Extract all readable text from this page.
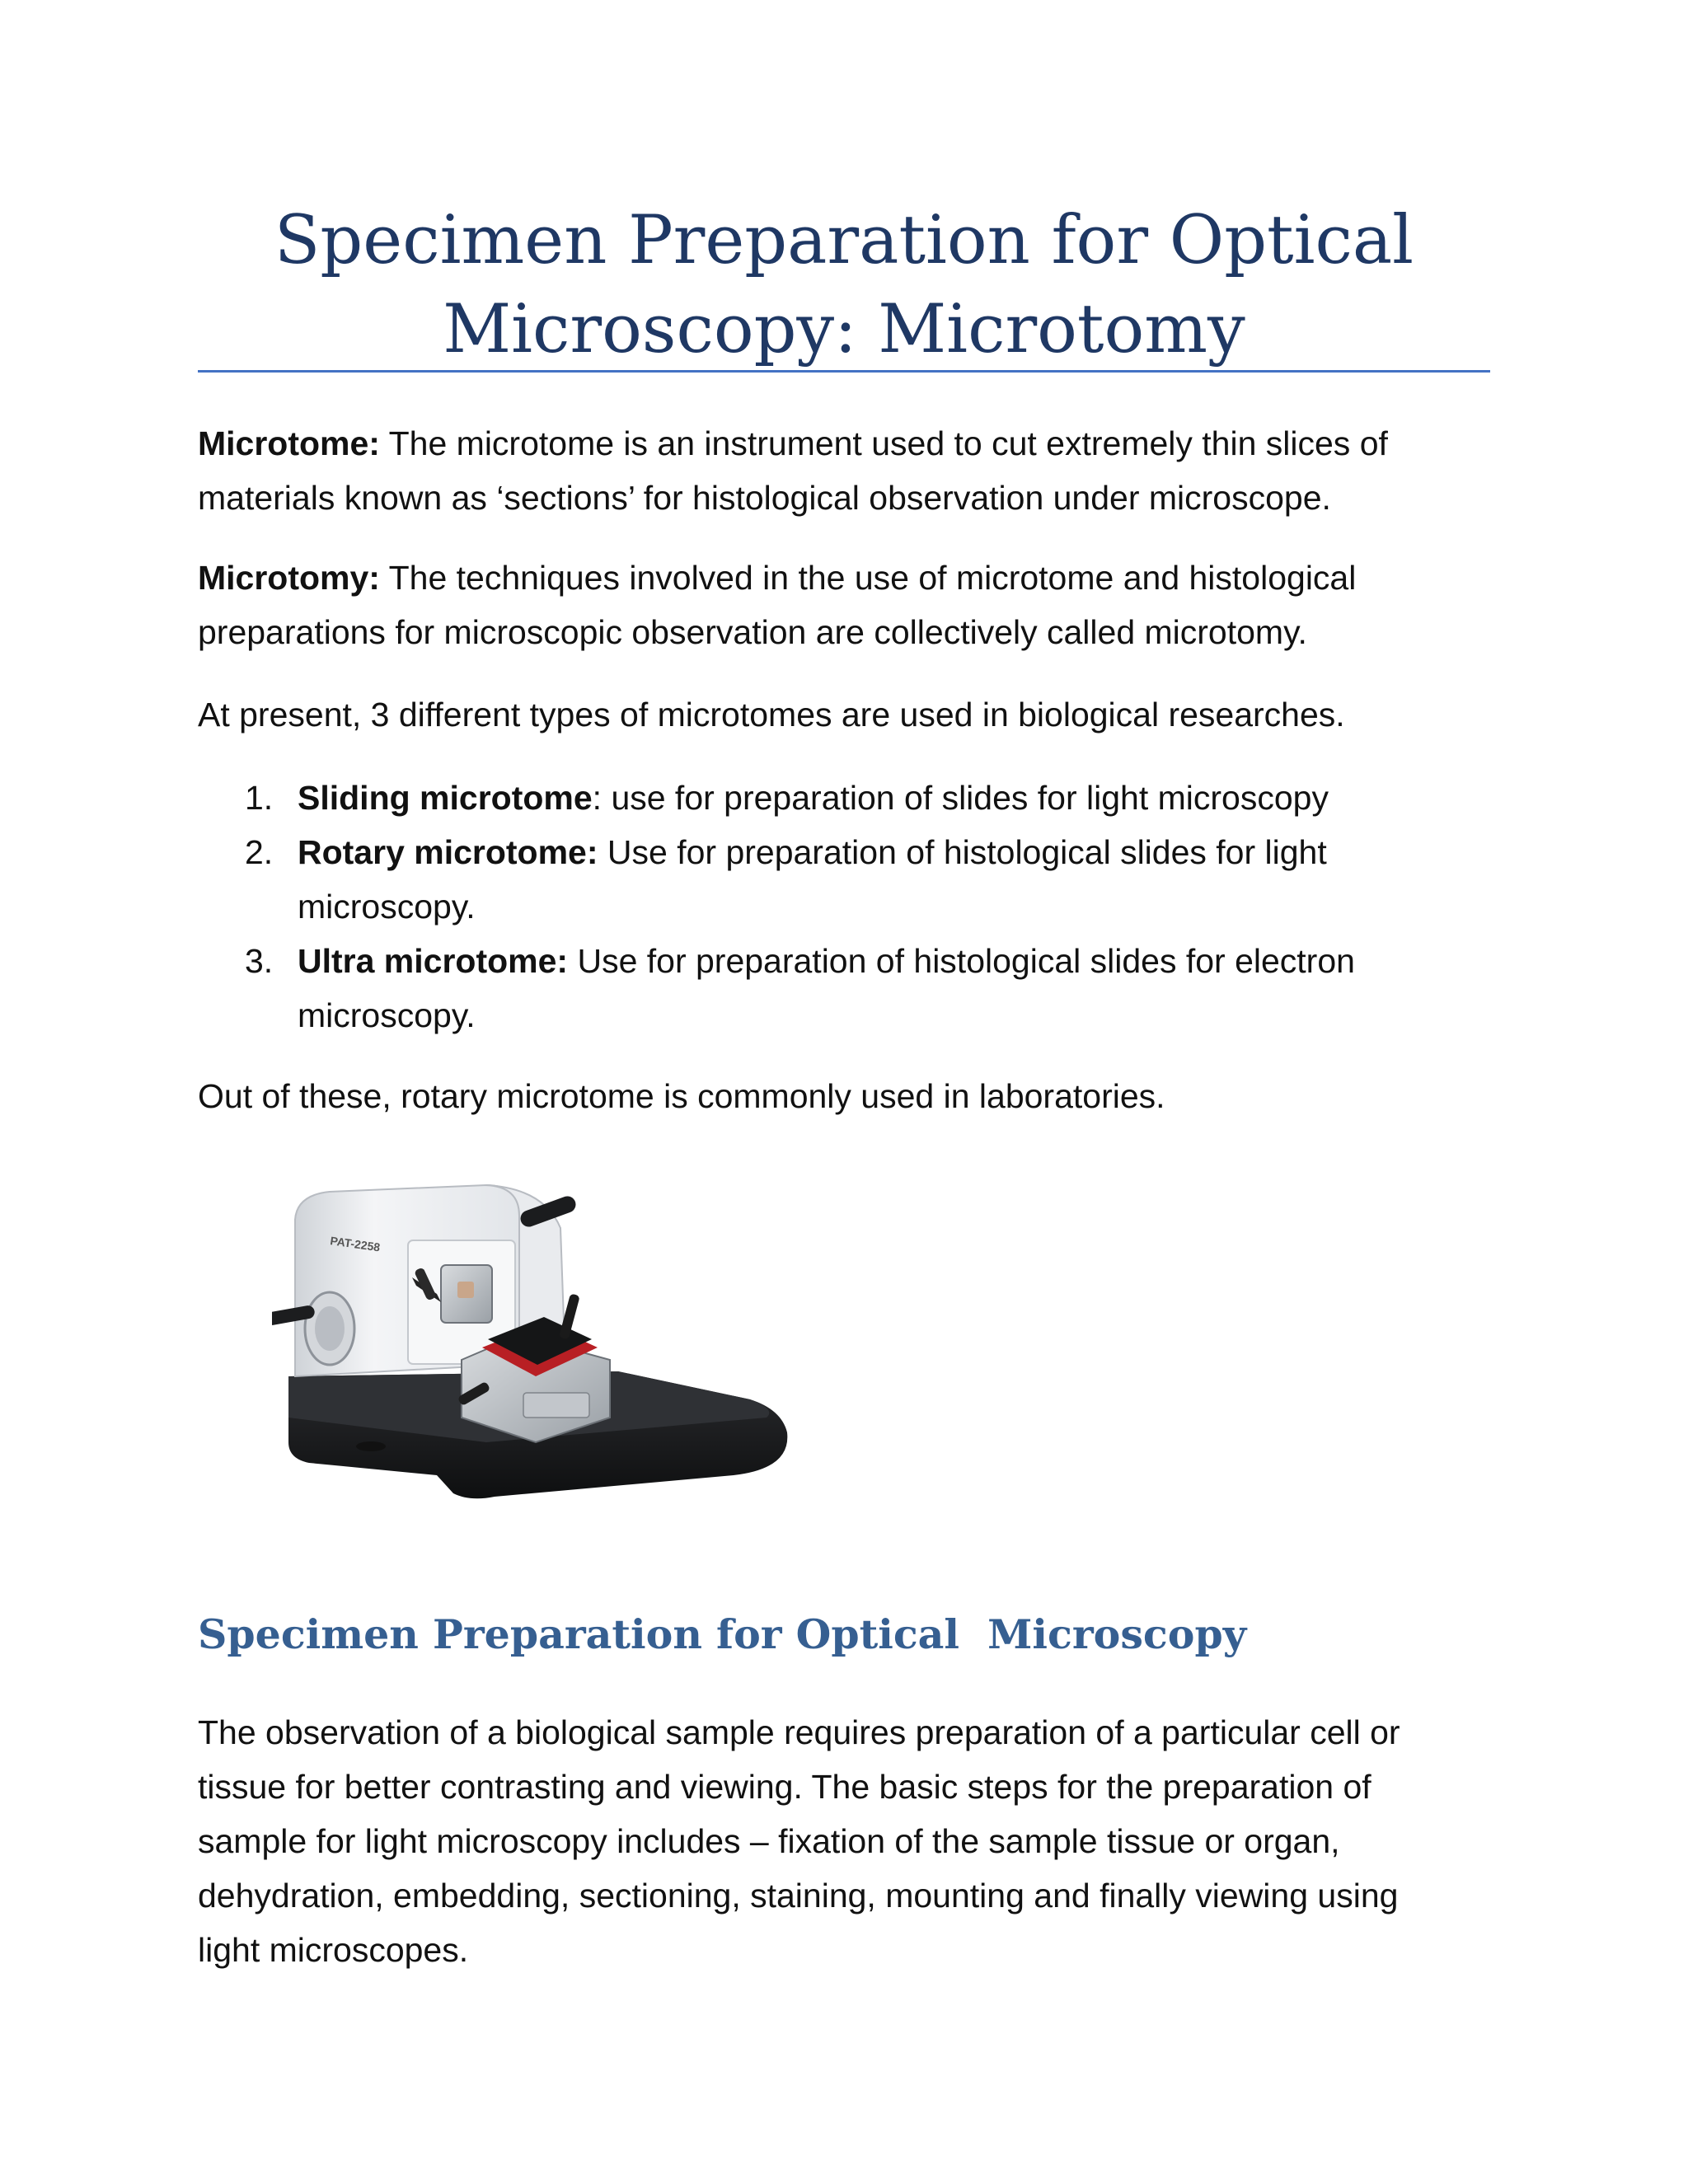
Specimen Preparation for Optical
Microscopy: Microtomy

Microtome: The microtome is an instrument used to cut extremely thin slices of
materials known as ‘sections’ for histological observation under microscope.

Microtomy: The techniques involved in the use of microtome and histological
preparations for microscopic observation are collectively called microtomy.

At present, 3 different types of microtomes are used in biological researches.

1. Sliding microtome: use for preparation of slides for light microscopy
2. Rotary microtome: Use for preparation of histological slides for light
microscopy.
3. Ultra microtome: Use for preparation of histological slides for electron
microscopy.

Out of these, rotary microtome is commonly used in laboratories.

PAT-2258
Specimen Preparation for Optical  Microscopy

The observation of a biological sample requires preparation of a particular cell or
tissue for better contrasting and viewing. The basic steps for the preparation of
sample for light microscopy includes – fixation of the sample tissue or organ,
dehydration, embedding, sectioning, staining, mounting and finally viewing using
light microscopes.
